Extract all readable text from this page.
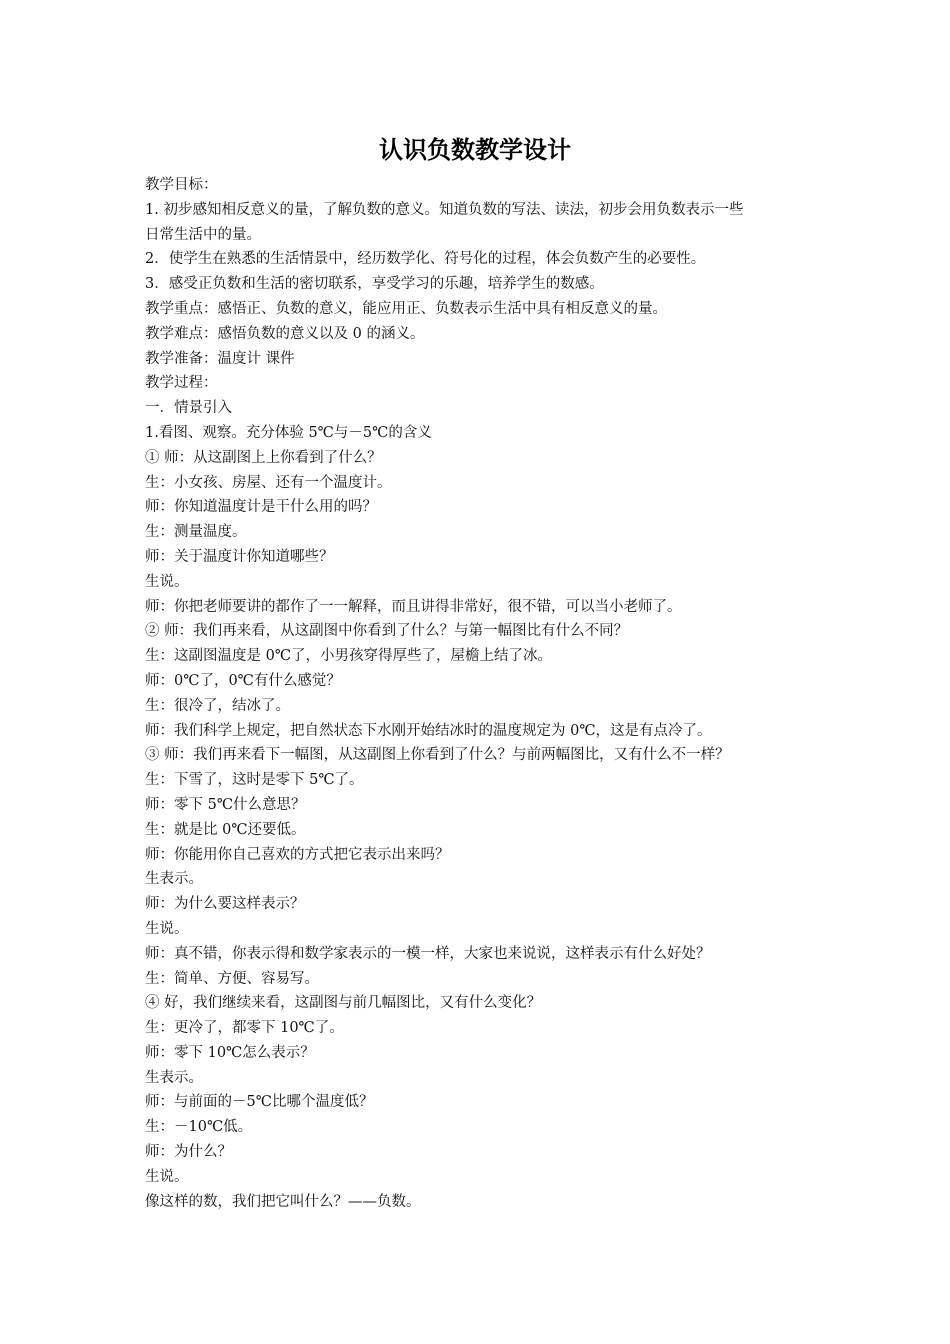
认识负数教学设计
教学目标：
1. 初步感知相反意义的量，了解负数的意义。知道负数的写法、读法，初步会用负数表示一些
日常生活中的量。
2．使学生在熟悉的生活情景中，经历数学化、符号化的过程，体会负数产生的必要性。
3．感受正负数和生活的密切联系，享受学习的乐趣，培养学生的数感。
教学重点：感悟正、负数的意义，能应用正、负数表示生活中具有相反意义的量。
教学难点：感悟负数的意义以及 0 的涵义。
教学准备：温度计 课件
教学过程：
一．情景引入
1.看图、观察。充分体验 5℃与－5℃的含义
① 师：从这副图上上你看到了什么？
生：小女孩、房屋、还有一个温度计。
师：你知道温度计是干什么用的吗？
生：测量温度。
师：关于温度计你知道哪些？
生说。
师：你把老师要讲的都作了一一解释，而且讲得非常好，很不错，可以当小老师了。
② 师：我们再来看，从这副图中你看到了什么？与第一幅图比有什么不同？
生：这副图温度是 0℃了，小男孩穿得厚些了，屋檐上结了冰。
师：0℃了，0℃有什么感觉？
生：很冷了，结冰了。
师：我们科学上规定，把自然状态下水刚开始结冰时的温度规定为 0℃，这是有点冷了。
③ 师：我们再来看下一幅图，从这副图上你看到了什么？与前两幅图比，又有什么不一样？
生：下雪了，这时是零下 5℃了。
师：零下 5℃什么意思？
生：就是比 0℃还要低。
师：你能用你自己喜欢的方式把它表示出来吗？
生表示。
师：为什么要这样表示？
生说。
师：真不错，你表示得和数学家表示的一模一样，大家也来说说，这样表示有什么好处？
生：简单、方便、容易写。
④ 好，我们继续来看，这副图与前几幅图比，又有什么变化？
生：更冷了，都零下 10℃了。
师：零下 10℃怎么表示？
生表示。
师：与前面的－5℃比哪个温度低？
生：－10℃低。
师：为什么？
生说。
像这样的数，我们把它叫什么？——负数。
